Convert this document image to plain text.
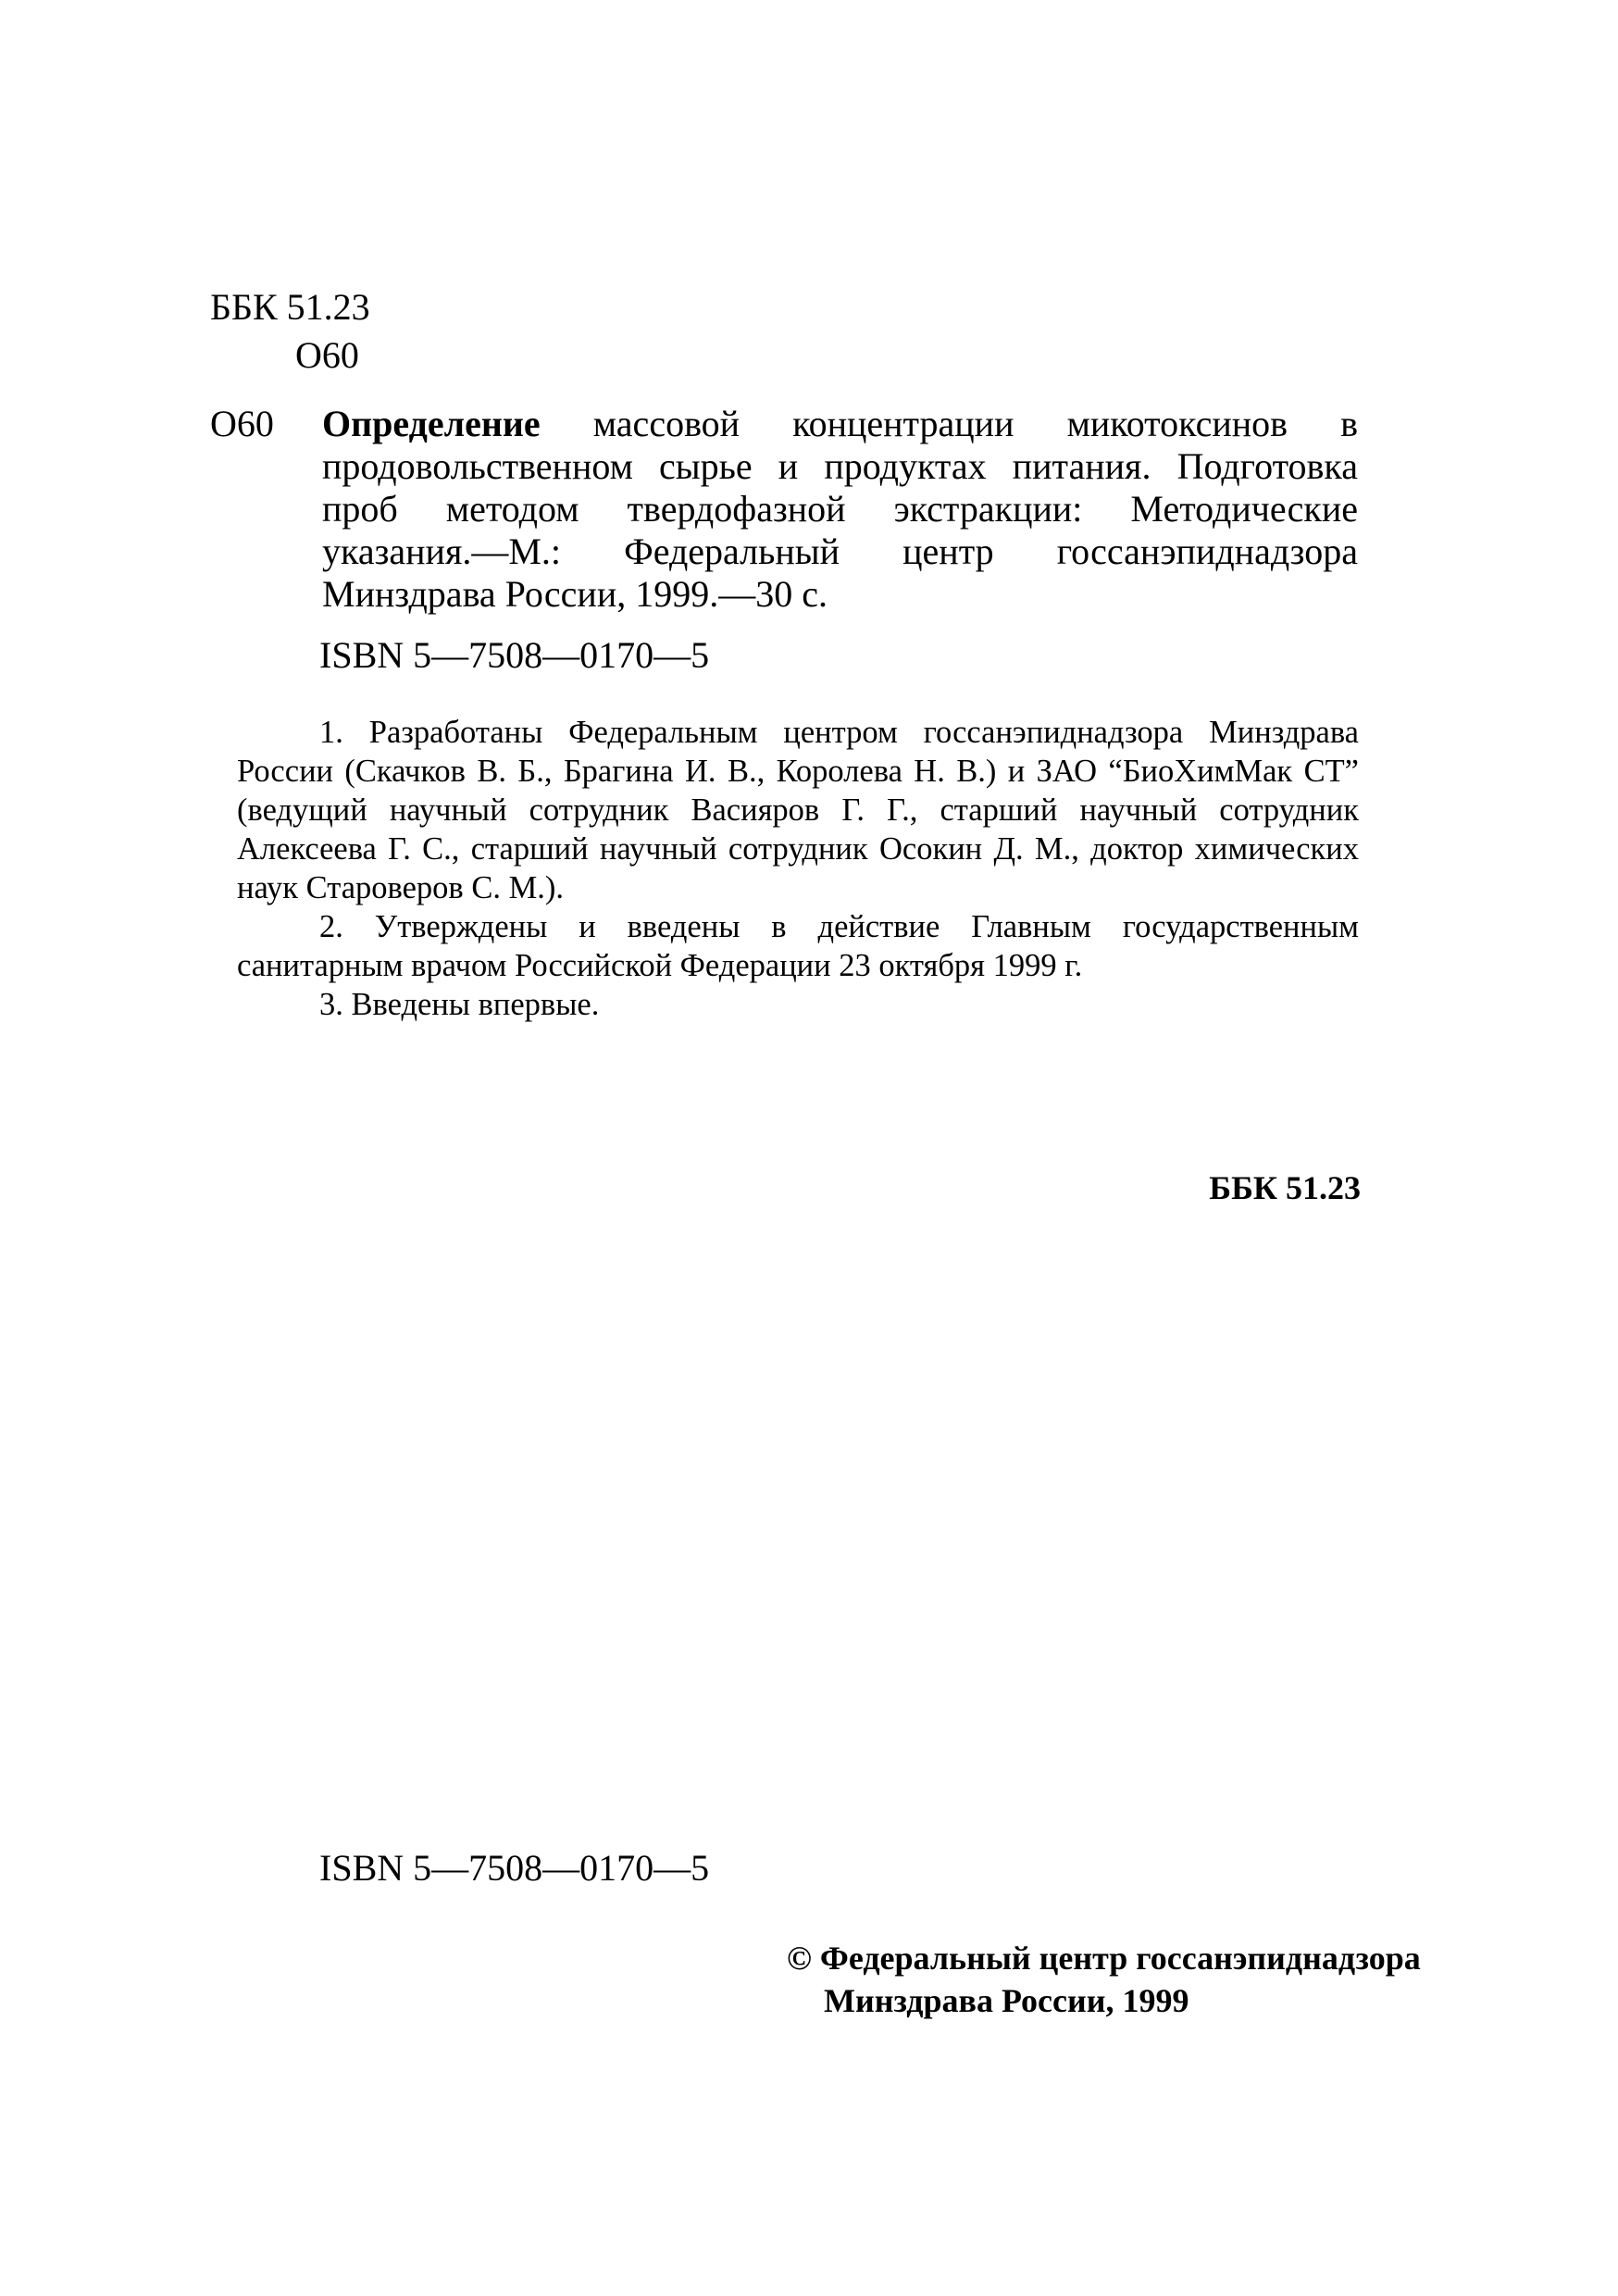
ББК 51.23
О60
О60 Определение массовой концентрации микотоксинов в продовольственном сырье и продуктах питания. Подготовка проб методом твердофазной экстракции: Методические указания.—М.: Федеральный центр госсанэпиднадзора Минздрава России, 1999.—30 с.
ISBN 5—7508—0170—5

1. Разработаны Федеральным центром госсанэпиднадзора Минздрава России (Скачков В. Б., Брагина И. В., Королева Н. В.) и ЗАО “БиоХимМак СТ” (ведущий научный сотрудник Васияров Г. Г., старший научный сотрудник Алексеева Г. С., старший научный сотрудник Осокин Д. М., доктор химических наук Староверов С. М.).

2. Утверждены и введены в действие Главным государственным санитарным врачом Российской Федерации 23 октября 1999 г.

3. Введены впервые.

ББК 51.23
ISBN 5—7508—0170—5
© Федеральный центр госсанэпиднадзора
Минздрава России, 1999
